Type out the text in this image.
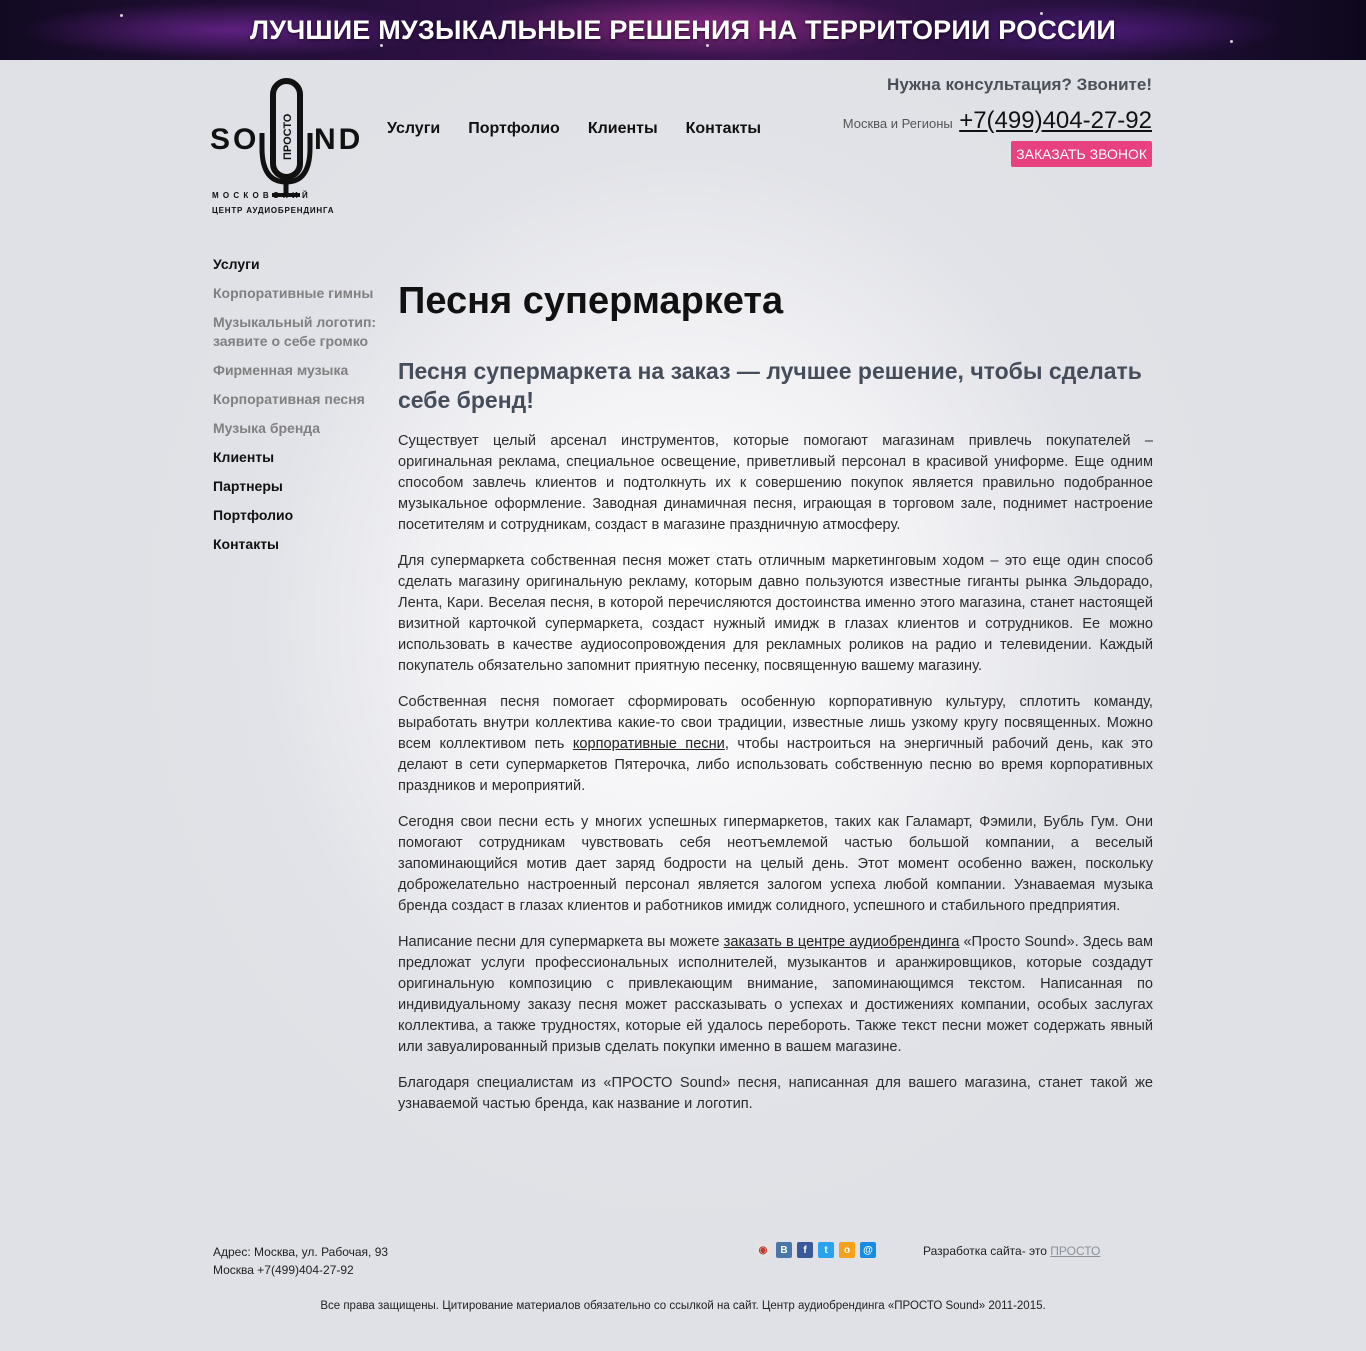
ЛУЧШИЕ МУЗЫКАЛЬНЫЕ РЕШЕНИЯ НА ТЕРРИТОРИИ РОССИИ
SO ND
ПРОСТО
М О С К О В С К И Й
ЦЕНТР АУДИОБРЕНДИНГА
Услуги Портфолио Клиенты Контакты
Нужна консультация? Звоните!
Москва и Регионы +7(499)404-27-92
ЗАКАЗАТЬ ЗВОНОК
Услуги
Корпоративные гимны
Музыкальный логотип: заявите о себе громко
Фирменная музыка
Корпоративная песня
Музыка бренда
Клиенты
Партнеры
Портфолио
Контакты
Песня супермаркета
Песня супермаркета на заказ — лучшее решение, чтобы сделать себе бренд!

Существует целый арсенал инструментов, которые помогают магазинам привлечь покупателей – оригинальная реклама, специальное освещение, приветливый персонал в красивой униформе. Еще одним способом завлечь клиентов и подтолкнуть их к совершению покупок является правильно подобранное музыкальное оформление. Заводная динамичная песня, играющая в торговом зале, поднимет настроение посетителям и сотрудникам, создаст в магазине праздничную атмосферу.

Для супермаркета собственная песня может стать отличным маркетинговым ходом – это еще один способ сделать магазину оригинальную рекламу, которым давно пользуются известные гиганты рынка Эльдорадо, Лента, Кари. Веселая песня, в которой перечисляются достоинства именно этого магазина, станет настоящей визитной карточкой супермаркета, создаст нужный имидж в глазах клиентов и сотрудников. Ее можно использовать в качестве аудиосопровождения для рекламных роликов на радио и телевидении. Каждый покупатель обязательно запомнит приятную песенку, посвященную вашему магазину.

Собственная песня помогает сформировать особенную корпоративную культуру, сплотить команду, выработать внутри коллектива какие-то свои традиции, известные лишь узкому кругу посвященных. Можно всем коллективом петь корпоративные песни, чтобы настроиться на энергичный рабочий день, как это делают в сети супермаркетов Пятерочка, либо использовать собственную песню во время корпоративных праздников и мероприятий.

Сегодня свои песни есть у многих успешных гипермаркетов, таких как Галамарт, Фэмили, Бубль Гум. Они помогают сотрудникам чувствовать себя неотъемлемой частью большой компании, а веселый запоминающийся мотив дает заряд бодрости на целый день. Этот момент особенно важен, поскольку доброжелательно настроенный персонал является залогом успеха любой компании. Узнаваемая музыка бренда создаст в глазах клиентов и работников имидж солидного, успешного и стабильного предприятия.

Написание песни для супермаркета вы можете заказать в центре аудиобрендинга «Просто Sound». Здесь вам предложат услуги профессиональных исполнителей, музыкантов и аранжировщиков, которые создадут оригинальную композицию с привлекающим внимание, запоминающимся текстом. Написанная по индивидуальному заказу песня может рассказывать о успехах и достижениях компании, особых заслугах коллектива, а также трудностях, которые ей удалось перебороть. Также текст песни может содержать явный или завуалированный призыв сделать покупки именно в вашем магазине.

Благодаря специалистам из «ПРОСТО Sound» песня, написанная для вашего магазина, станет такой же узнаваемой частью бренда, как название и логотип.

Адрес: Москва, ул. Рабочая, 93
Москва +7(499)404-27-92
◉	В	f	t	о	@	Разработка сайта- это ПРОСТО
Все права защищены. Цитирование материалов обязательно со ссылкой на сайт. Центр аудиобрендинга «ПРОСТО Sound» 2011-2015.
